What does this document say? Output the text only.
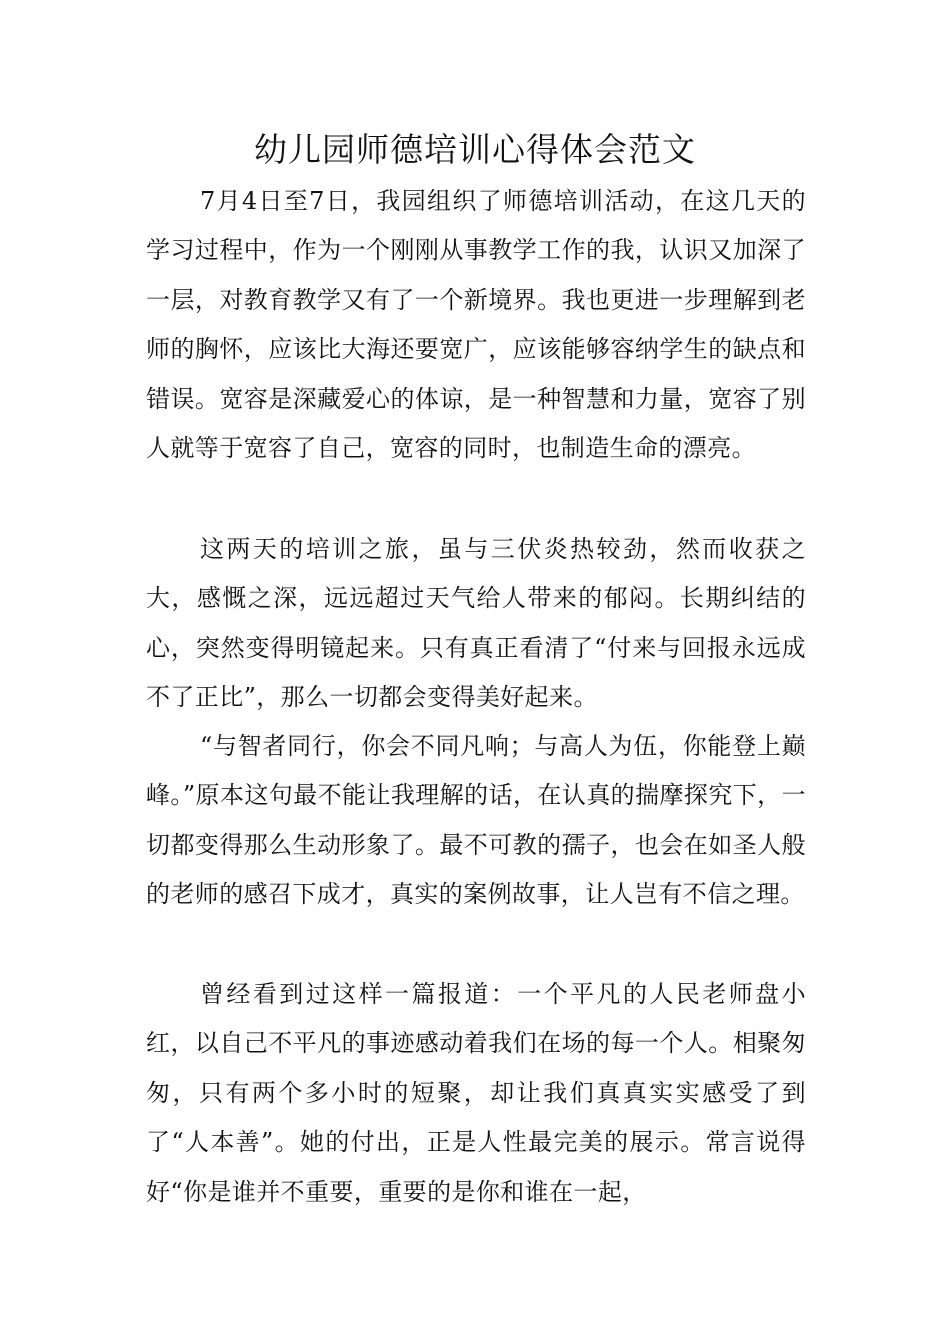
幼儿园师德培训心得体会范文

7月4日至7日，我园组织了师德培训活动，在这几天的学习过程中，作为一个刚刚从事教学工作的我，认识又加深了一层，对教育教学又有了一个新境界。我也更进一步理解到老师的胸怀，应该比大海还要宽广，应该能够容纳学生的缺点和错误。宽容是深藏爱心的体谅，是一种智慧和力量，宽容了别人就等于宽容了自己，宽容的同时，也制造生命的漂亮。

这两天的培训之旅，虽与三伏炎热较劲，然而收获之大，感慨之深，远远超过天气给人带来的郁闷。长期纠结的心，突然变得明镜起来。只有真正看清了“付来与回报永远成不了正比”，那么一切都会变得美好起来。

“与智者同行，你会不同凡响；与高人为伍，你能登上巅峰。”原本这句最不能让我理解的话，在认真的揣摩探究下，一切都变得那么生动形象了。最不可教的孺子，也会在如圣人般的老师的感召下成才，真实的案例故事，让人岂有不信之理。

曾经看到过这样一篇报道：一个平凡的人民老师盘小红，以自己不平凡的事迹感动着我们在场的每一个人。相聚匆匆，只有两个多小时的短聚，却让我们真真实实感受了到了“人本善”。她的付出，正是人性最完美的展示。常言说得好“你是谁并不重要，重要的是你和谁在一起，
